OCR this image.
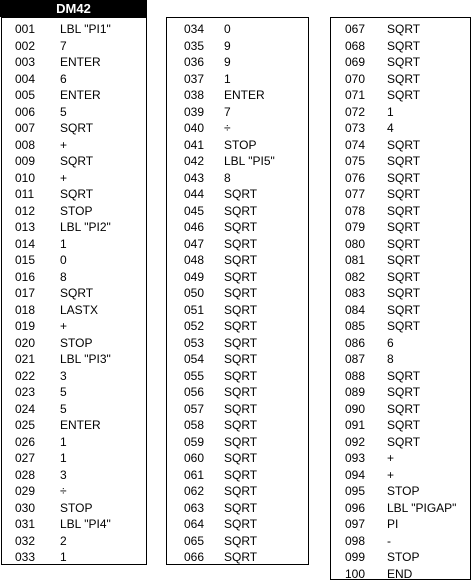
DM42
001 LBL "PI1"
002 7
003 ENTER
004 6
005 ENTER
006 5
007 SQRT
008 +
009 SQRT
010 +
011 SQRT
012 STOP
013 LBL "PI2"
014 1
015 0
016 8
017 SQRT
018 LASTX
019 +
020 STOP
021 LBL "PI3"
022 3
023 5
024 5
025 ENTER
026 1
027 1
028 3
029 ÷
030 STOP
031 LBL "PI4"
032 2
033 1
034 0
035 9
036 9
037 1
038 ENTER
039 7
040 ÷
041 STOP
042 LBL "PI5"
043 8
044 SQRT
045 SQRT
046 SQRT
047 SQRT
048 SQRT
049 SQRT
050 SQRT
051 SQRT
052 SQRT
053 SQRT
054 SQRT
055 SQRT
056 SQRT
057 SQRT
058 SQRT
059 SQRT
060 SQRT
061 SQRT
062 SQRT
063 SQRT
064 SQRT
065 SQRT
066 SQRT
067 SQRT
068 SQRT
069 SQRT
070 SQRT
071 SQRT
072 1
073 4
074 SQRT
075 SQRT
076 SQRT
077 SQRT
078 SQRT
079 SQRT
080 SQRT
081 SQRT
082 SQRT
083 SQRT
084 SQRT
085 SQRT
086 6
087 8
088 SQRT
089 SQRT
090 SQRT
091 SQRT
092 SQRT
093 +
094 +
095 STOP
096 LBL "PIGAP"
097 PI
098 -
099 STOP
100 END
